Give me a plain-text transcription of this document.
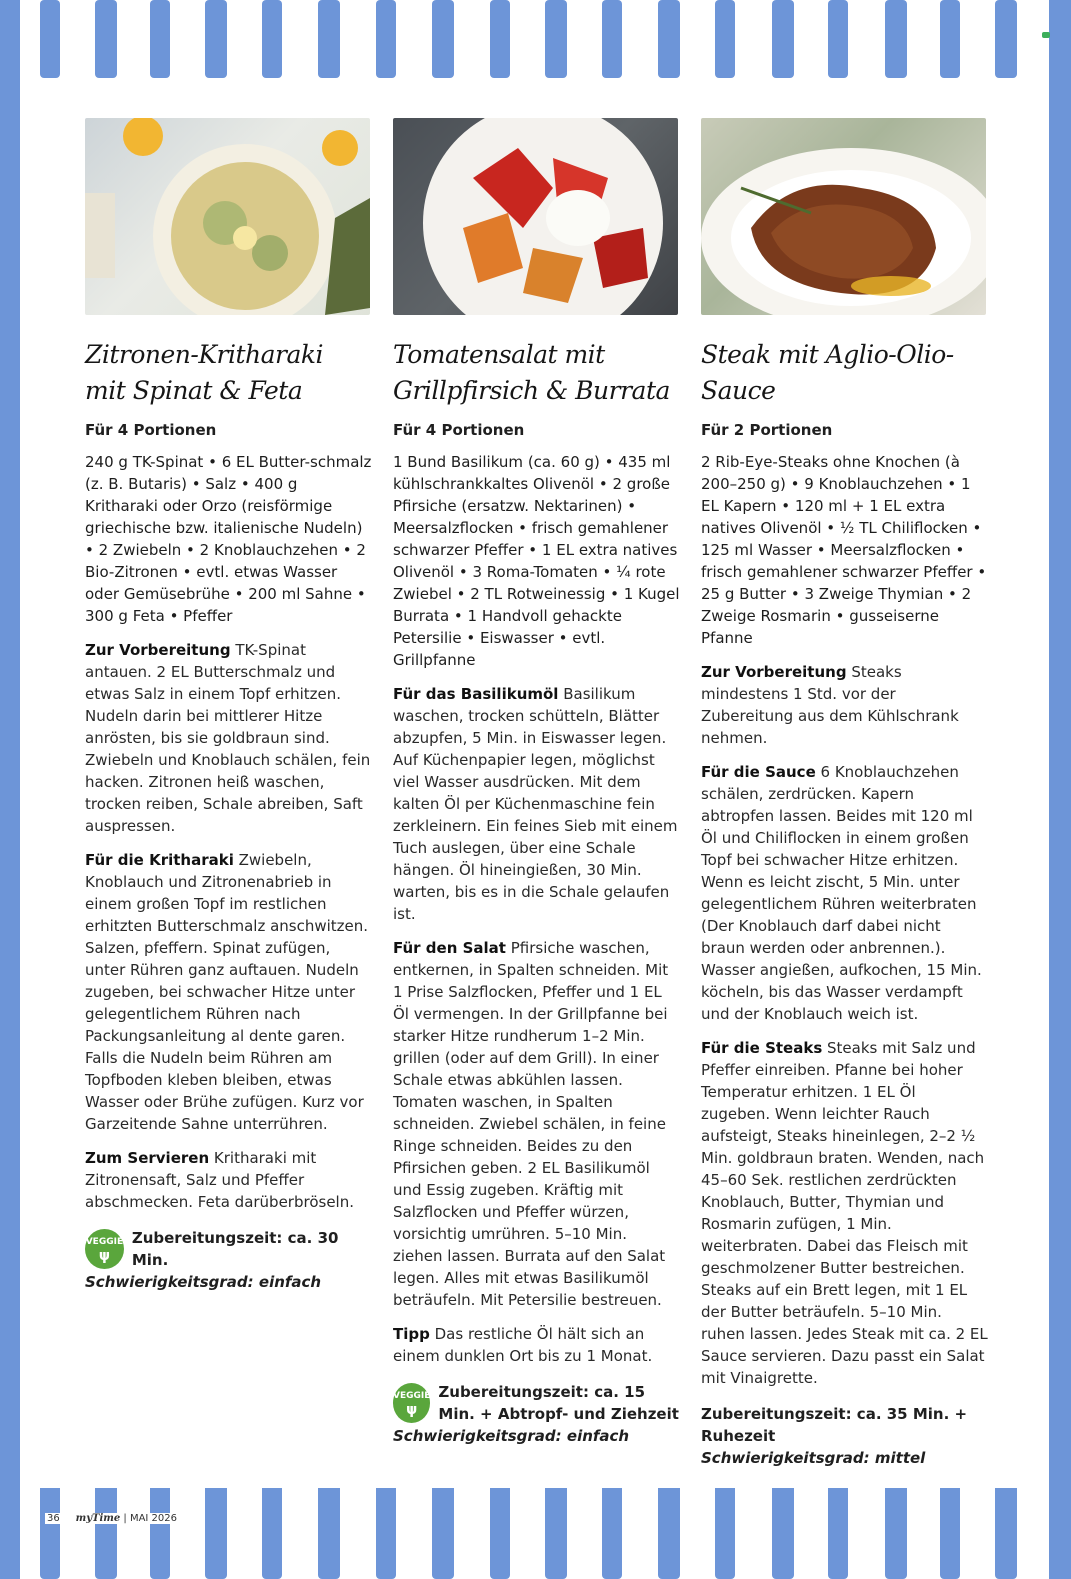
Zitronen-Kritharaki
mit Spinat & Feta
Für 4 Portionen
240 g TK-Spinat • 6 EL Butter-schmalz (z. B. Butaris) • Salz • 400 g Kritharaki oder Orzo (reisförmige griechische bzw. italienische Nudeln) • 2 Zwiebeln • 2 Knoblauchzehen • 2 Bio-Zitronen • evtl. etwas Wasser oder Gemüsebrühe • 200 ml Sahne • 300 g Feta • Pfeffer
Zur Vorbereitung TK-Spinat antauen. 2 EL Butterschmalz und etwas Salz in einem Topf erhitzen. Nudeln darin bei mittlerer Hitze anrösten, bis sie goldbraun sind. Zwiebeln und Knoblauch schälen, fein hacken. Zitronen heiß waschen, trocken reiben, Schale abreiben, Saft auspressen.
Für die Kritharaki Zwiebeln, Knoblauch und Zitronenabrieb in einem großen Topf im restlichen erhitzten Butterschmalz anschwitzen. Salzen, pfeffern. Spinat zufügen, unter Rühren ganz auftauen. Nudeln zugeben, bei schwacher Hitze unter gelegentlichem Rühren nach Packungsanleitung al dente garen. Falls die Nudeln beim Rühren am Topfboden kleben bleiben, etwas Wasser oder Brühe zufügen. Kurz vor Garzeitende Sahne unterrühren.
Zum Servieren Kritharaki mit Zitronensaft, Salz und Pfeffer abschmecken. Feta darüberbröseln.
VEGGIE
ψ
Zubereitungszeit: ca. 30 Min.
Schwierigkeitsgrad: einfach
Tomatensalat mit
Grillpfirsich & Burrata
Für 4 Portionen
1 Bund Basilikum (ca. 60 g) • 435 ml kühlschrankkaltes Olivenöl • 2 große Pfirsiche (ersatzw. Nektarinen) • Meersalzflocken • frisch gemahlener schwarzer Pfeffer • 1 EL extra natives Olivenöl • 3 Roma-Tomaten • ¼ rote Zwiebel • 2 TL Rotweinessig • 1 Kugel Burrata • 1 Handvoll gehackte Petersilie • Eiswasser • evtl. Grillpfanne
Für das Basilikumöl Basilikum waschen, trocken schütteln, Blätter abzupfen, 5 Min. in Eiswasser legen. Auf Küchenpapier legen, möglichst viel Wasser ausdrücken. Mit dem kalten Öl per Küchenmaschine fein zerkleinern. Ein feines Sieb mit einem Tuch auslegen, über eine Schale hängen. Öl hineingießen, 30 Min. warten, bis es in die Schale gelaufen ist.
Für den Salat Pfirsiche waschen, entkernen, in Spalten schneiden. Mit 1 Prise Salzflocken, Pfeffer und 1 EL Öl vermengen. In der Grillpfanne bei starker Hitze rundherum 1–2 Min. grillen (oder auf dem Grill). In einer Schale etwas abkühlen lassen. Tomaten waschen, in Spalten schneiden. Zwiebel schälen, in feine Ringe schneiden. Beides zu den Pfirsichen geben. 2 EL Basilikumöl und Essig zugeben. Kräftig mit Salzflocken und Pfeffer würzen, vorsichtig umrühren. 5–10 Min. ziehen lassen. Burrata auf den Salat legen. Alles mit etwas Basilikumöl beträufeln. Mit Petersilie bestreuen.
Tipp Das restliche Öl hält sich an einem dunklen Ort bis zu 1 Monat.
VEGGIE
ψ
Zubereitungszeit: ca. 15 Min. + Abtropf- und Ziehzeit
Schwierigkeitsgrad: einfach
Steak mit Aglio-Olio-Sauce
Für 2 Portionen
2 Rib-Eye-Steaks ohne Knochen (à 200–250 g) • 9 Knoblauchzehen • 1 EL Kapern • 120 ml + 1 EL extra natives Olivenöl • ½ TL Chiliflocken • 125 ml Wasser • Meersalzflocken • frisch gemahlener schwarzer Pfeffer • 25 g Butter • 3 Zweige Thymian • 2 Zweige Rosmarin • gusseiserne Pfanne
Zur Vorbereitung Steaks mindestens 1 Std. vor der Zubereitung aus dem Kühlschrank nehmen.
Für die Sauce 6 Knoblauchzehen schälen, zerdrücken. Kapern abtropfen lassen. Beides mit 120 ml Öl und Chiliflocken in einem großen Topf bei schwacher Hitze erhitzen. Wenn es leicht zischt, 5 Min. unter gelegentlichem Rühren weiterbraten (Der Knoblauch darf dabei nicht braun werden oder anbrennen.). Wasser angießen, aufkochen, 15 Min. köcheln, bis das Wasser verdampft und der Knoblauch weich ist.
Für die Steaks Steaks mit Salz und Pfeffer einreiben. Pfanne bei hoher Temperatur erhitzen. 1 EL Öl zugeben. Wenn leichter Rauch aufsteigt, Steaks hineinlegen, 2–2 ½ Min. goldbraun braten. Wenden, nach 45–60 Sek. restlichen zerdrückten Knoblauch, Butter, Thymian und Rosmarin zufügen, 1 Min. weiterbraten. Dabei das Fleisch mit geschmolzener Butter bestreichen. Steaks auf ein Brett legen, mit 1 EL der Butter beträufeln. 5–10 Min. ruhen lassen. Jedes Steak mit ca. 2 EL Sauce servieren. Dazu passt ein Salat mit Vinaigrette.
Zubereitungszeit: ca. 35 Min. + Ruhezeit
Schwierigkeitsgrad: mittel
36 myTime | MAI 2026
